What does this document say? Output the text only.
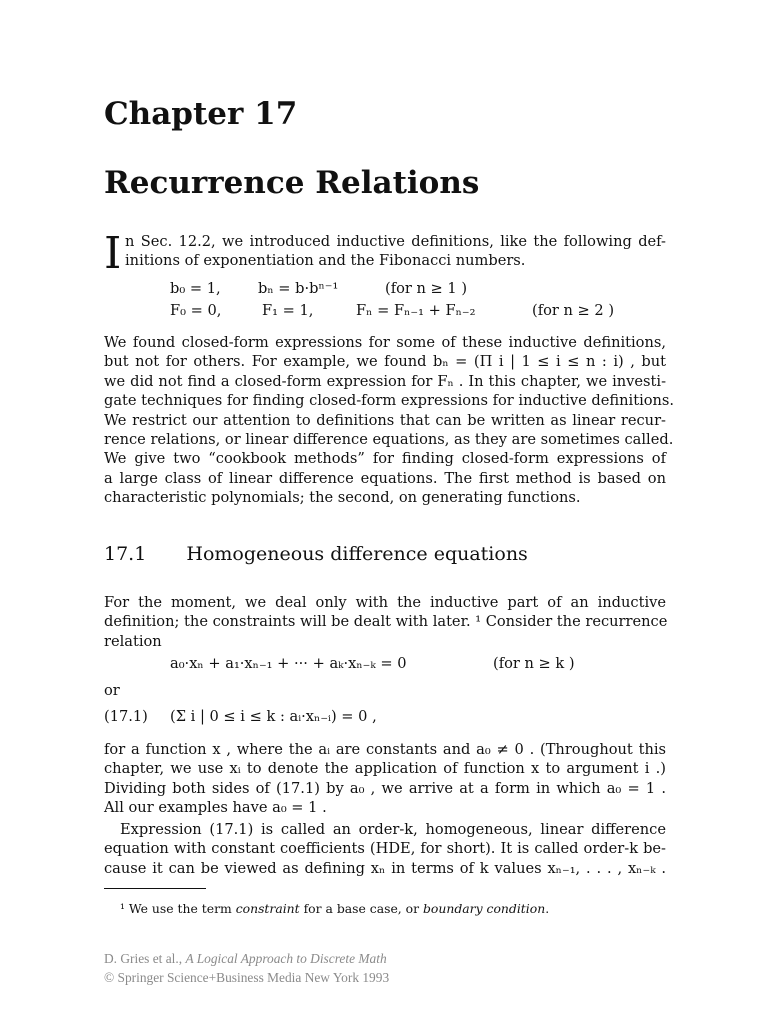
Chapter 17
Recurrence Relations
I n Sec. 12.2, we introduced inductive definitions, like the following def-
initions of exponentiation and the Fibonacci numbers.
b₀ = 1,	bₙ = b·bⁿ⁻¹	(for n ≥ 1 )
F₀ = 0,	F₁ = 1,	Fₙ = Fₙ₋₁ + Fₙ₋₂	(for n ≥ 2 )
We found closed-form expressions for some of these inductive definitions,
but not for others. For example, we found bₙ = (Π i | 1 ≤ i ≤ n : i) , but
we did not find a closed-form expression for Fₙ . In this chapter, we investi-
gate techniques for finding closed-form expressions for inductive definitions.
We restrict our attention to definitions that can be written as linear recur-
rence relations, or linear difference equations, as they are sometimes called.
We give two “cookbook methods” for finding closed-form expressions of
a large class of linear difference equations. The first method is based on
characteristic polynomials; the second, on generating functions.
17.1 Homogeneous difference equations
For the moment, we deal only with the inductive part of an inductive
definition; the constraints will be dealt with later. ¹ Consider the recurrence
relation
a₀·xₙ + a₁·xₙ₋₁ + ··· + aₖ·xₙ₋ₖ = 0	(for n ≥ k )
or
(17.1) (Σ i | 0 ≤ i ≤ k : aᵢ·xₙ₋ᵢ) = 0 ,
for a function x , where the aᵢ are constants and a₀ ≠ 0 . (Throughout this
chapter, we use xᵢ to denote the application of function x to argument i .)
Dividing both sides of (17.1) by a₀ , we arrive at a form in which a₀ = 1 .
All our examples have a₀ = 1 .
Expression (17.1) is called an order-k, homogeneous, linear difference
equation with constant coefficients (HDE, for short). It is called order-k be-
cause it can be viewed as defining xₙ in terms of k values xₙ₋₁, . . . , xₙ₋ₖ .
¹ We use the term constraint for a base case, or boundary condition.
D. Gries et al., A Logical Approach to Discrete Math
© Springer Science+Business Media New York 1993
